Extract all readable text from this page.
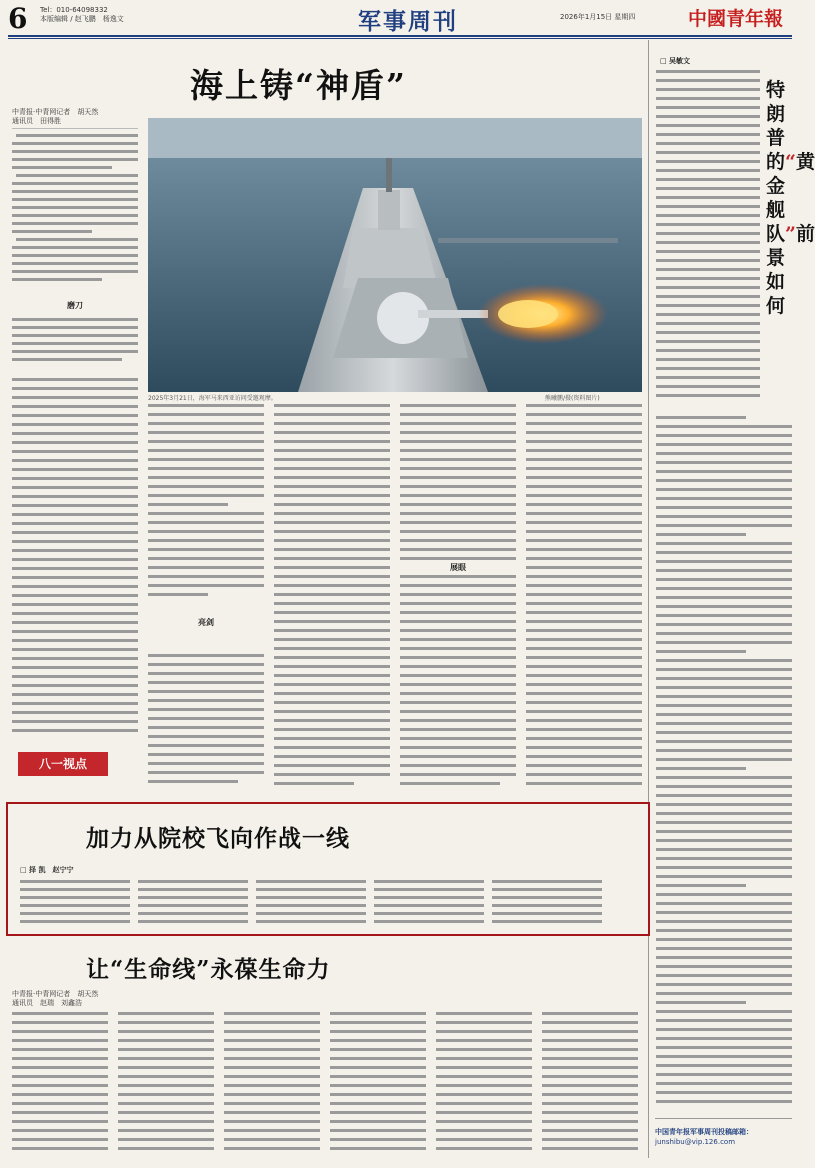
6 Tel：010-64098332
本版编辑 / 赵飞鹏　杨逸文	军事周刊	2026年1月15日 星期四	中國青年報
海上铸“神盾”
中青报·中青网记者　胡天然
通讯员　田得胜
磨刀
2025年3月21日，海军马来西亚访问受邀观摩。	熊曦鹏/摄(资料图片)
亮剑
展眼
八一视点
加力从院校飞向作战一线
□ 择 凯　赵宁宁
让“生命线”永葆生命力
中青报·中青网记者　胡天然
通讯员　赵瑞　刘鑫浩
□ 吴敏文
特朗普的“黄金舰队”前景如何
中国青年报军事周刊投稿邮箱：
junshibu@vip.126.com
